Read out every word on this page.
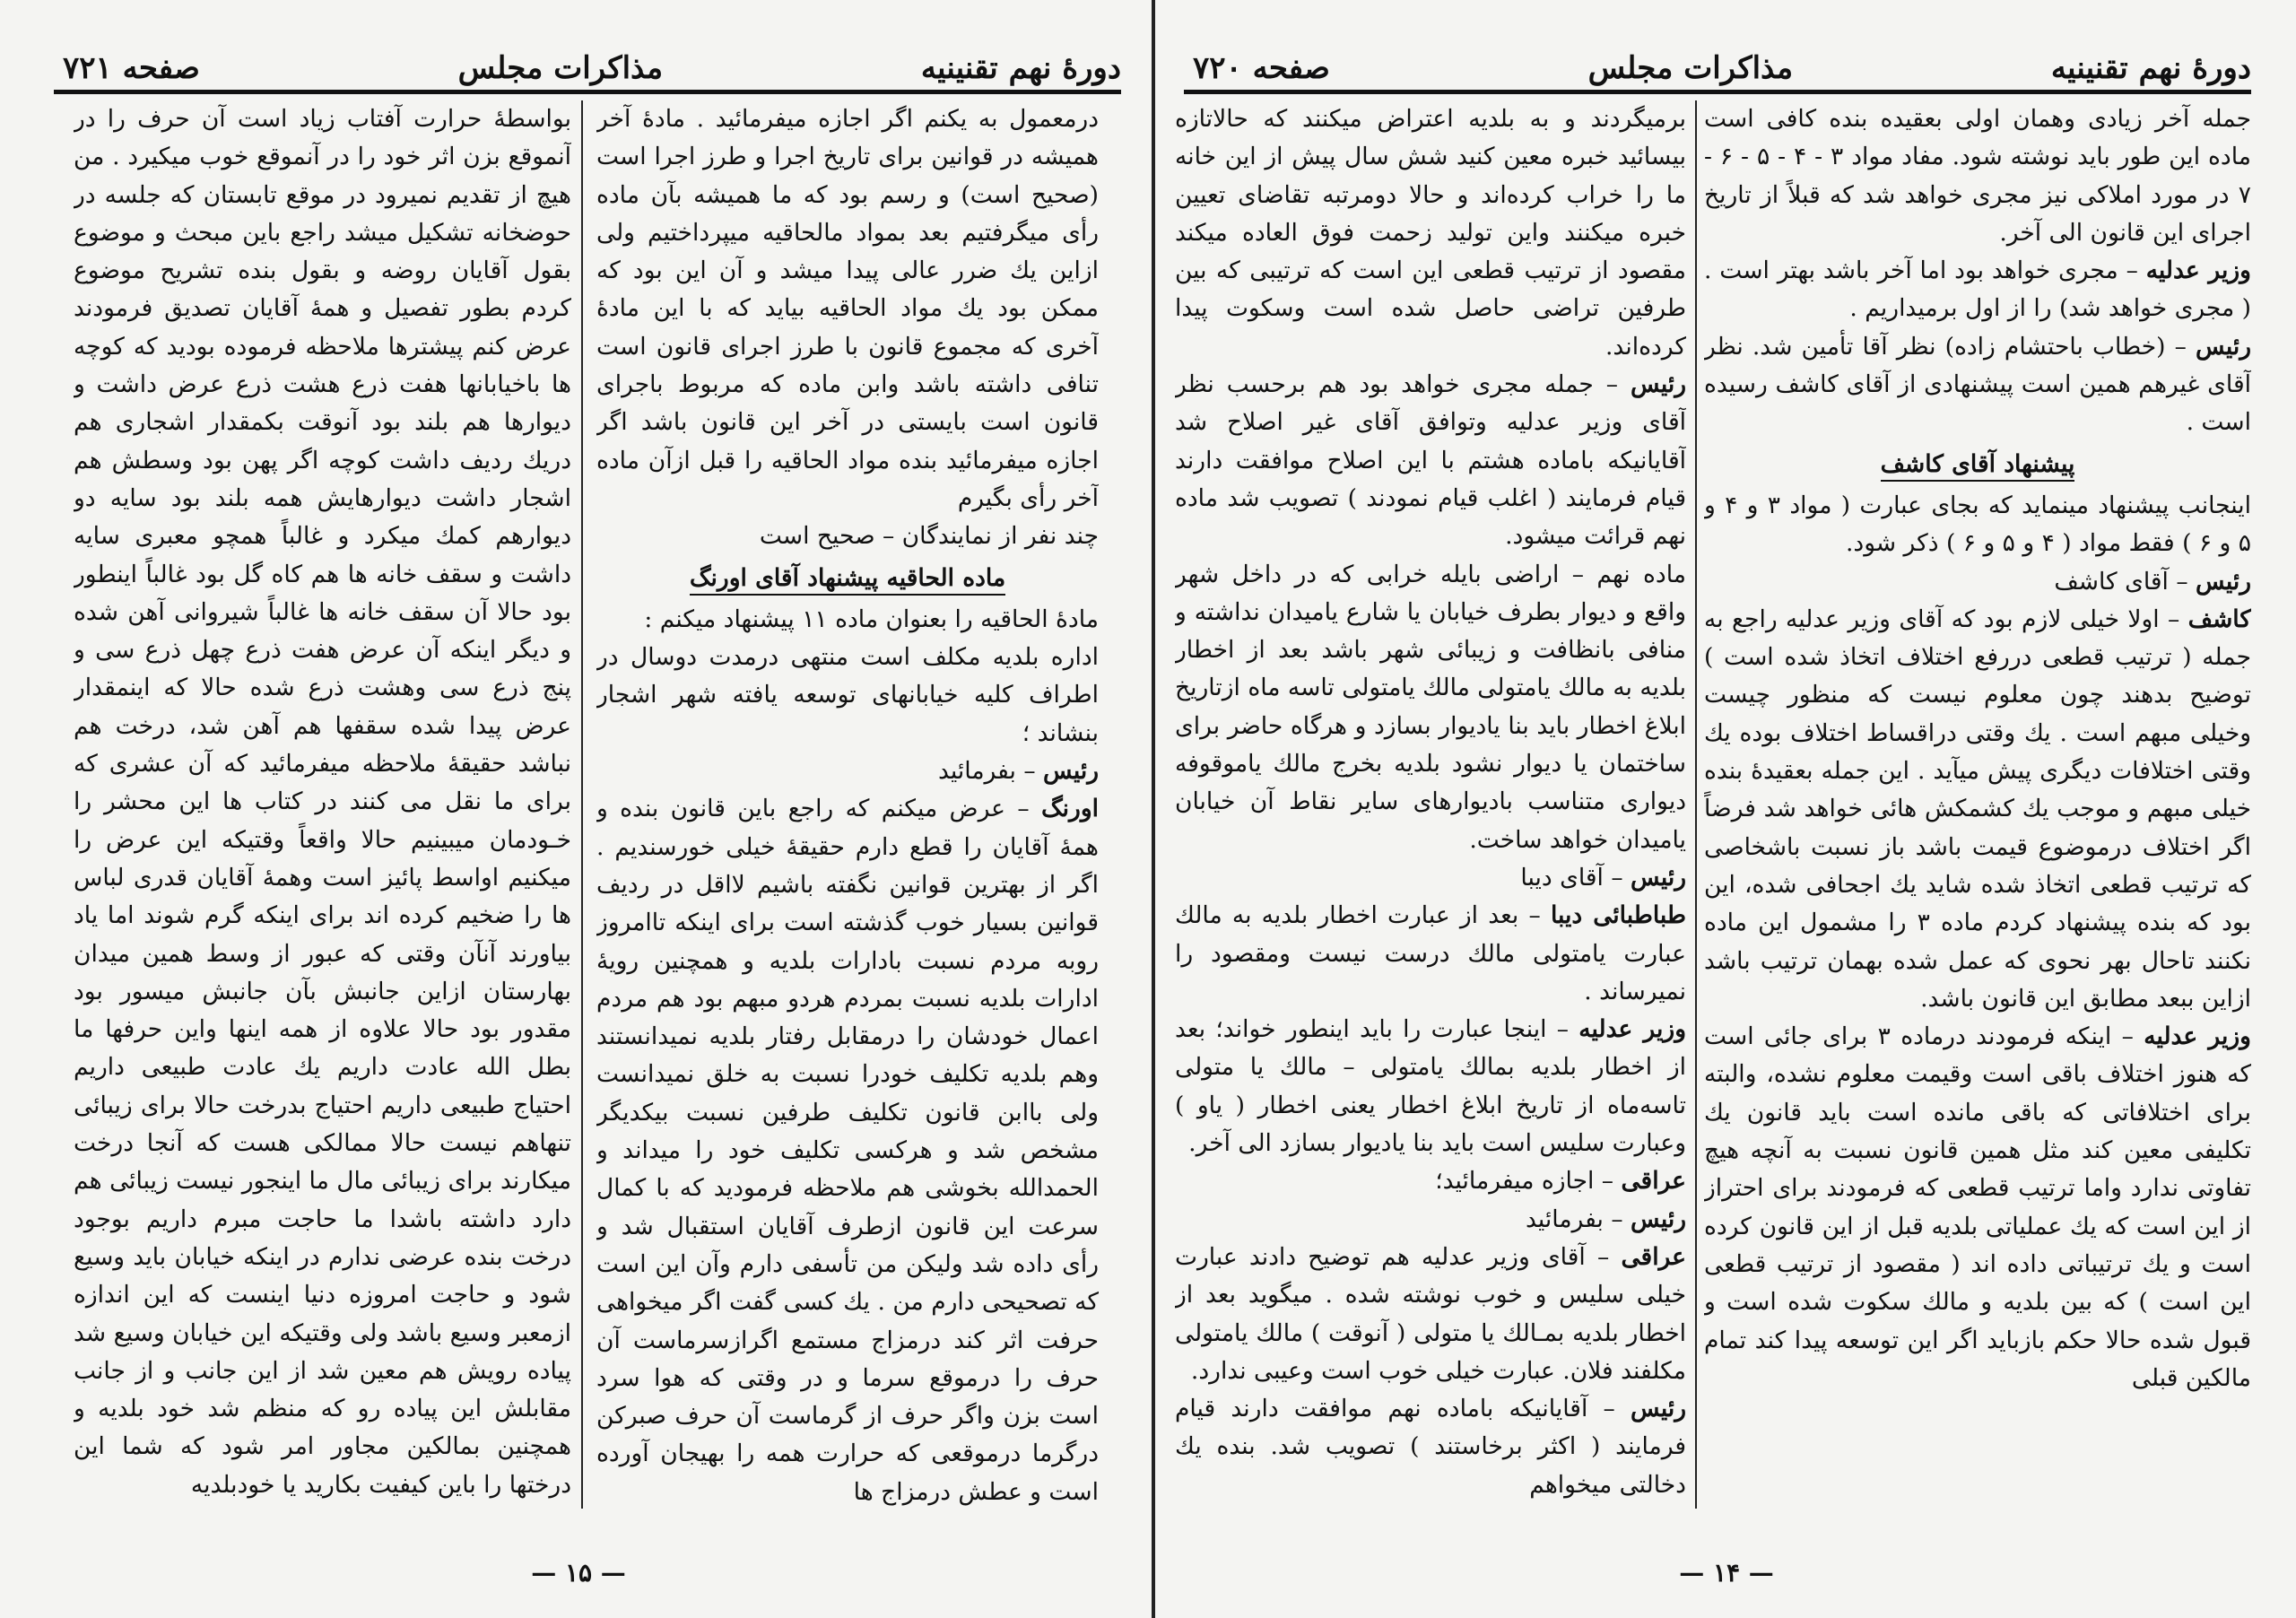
دورهٔ نهم تقنینیه
مذاکرات مجلس
صفحه ۷۲۱

درمعمول به یکنم اگر اجازه میفرمائید . مادهٔ آخر همیشه در قوانین برای تاریخ اجرا و طرز اجرا است (صحیح است) و رسم بود که ما همیشه بآن ماده رأی میگرفتیم بعد بمواد مالحاقیه میپرداختیم ولی ازاین یك ضرر عالی پیدا میشد و آن این بود که ممکن بود یك مواد الحاقیه بیاید که با این مادهٔ آخری که مجموع قانون با طرز اجرای قانون است تنافی داشته باشد وابن ماده که مربوط باجرای قانون است بایستی در آخر این قانون باشد اگر اجازه میفرمائید بنده مواد الحاقیه را قبل ازآن ماده آخر رأی بگیرم

چند نفر از نمایندگان – صحیح است

ماده الحاقیه پیشنهاد آقای اورنگ

مادهٔ الحاقیه را بعنوان ماده ۱۱ پیشنهاد میکنم :

اداره بلدیه مکلف است منتهی درمدت دوسال در اطراف کلیه خیابانهای توسعه یافته شهر اشجار بنشاند ؛

رئیس – بفرمائید

اورنگ – عرض میکنم که راجع باین قانون بنده و همهٔ آقایان را قطع دارم حقیقهٔ خیلی خورسندیم . اگر از بهترین قوانین نگفته باشیم لااقل در ردیف قوانین بسیار خوب گذشته است برای اینکه تاامروز روبه مردم نسبت بادارات بلدیه و همچنین رویهٔ ادارات بلدیه نسبت بمردم هردو مبهم بود هم مردم اعمال خودشان را درمقابل رفتار بلدیه نمیدانستند وهم بلدیه تکلیف خودرا نسبت به خلق نمیدانست ولی باابن قانون تکلیف طرفین نسبت بیکدیگر مشخص شد و هرکسی تکلیف خود را میداند و الحمدالله بخوشی هم ملاحظه فرمودید که با کمال سرعت این قانون ازطرف آقایان استقبال شد و رأی داده شد ولیکن من تأسفی دارم وآن این است که تصحیحی دارم من . یك کسی گفت اگر میخواهی حرفت اثر کند درمزاج مستمع اگرازسرماست آن حرف را درموقع سرما و در وقتی که هوا سرد است بزن واگر حرف از گرماست آن حرف صبرکن درگرما درموقعی که حرارت همه را بهیجان آورده است و عطش درمزاج ها

بواسطهٔ حرارت آفتاب زیاد است آن حرف را در آنموقع بزن اثر خود را در آنموقع خوب میکیرد . من هیچ از تقدیم نمیرود در موقع تابستان که جلسه در حوضخانه تشکیل میشد راجع باین مبحث و موضوع بقول آقایان روضه و بقول بنده تشریح موضوع کردم بطور تفصیل و همهٔ آقایان تصدیق فرمودند عرض کنم پیشترها ملاحظه فرموده بودید که کوچه ها باخیابانها هفت ذرع هشت ذرع عرض داشت و دیوارها هم بلند بود آنوقت بکمقدار اشجاری هم دریك ردیف داشت کوچه اگر پهن بود وسطش هم اشجار داشت دیوارهایش همه بلند بود سایه دو دیوارهم کمك میکرد و غالباً همچو معبری سایه داشت و سقف خانه ها هم کاه گل بود غالباً اینطور بود حالا آن سقف خانه ها غالباً شیروانی آهن شده و دیگر اینکه آن عرض هفت ذرع چهل ذرع سی و پنج ذرع سی وهشت ذرع شده حالا که اینمقدار عرض پیدا شده سقفها هم آهن شد، درخت هم نباشد حقیقهٔ ملاحظه میفرمائید که آن عشری که برای ما نقل می کنند در کتاب ها این محشر را خـودمان میبینیم حالا واقعاً وقتیکه این عرض را میکنیم اواسط پائیز است وهمهٔ آقایان قدری لباس ها را ضخیم کرده اند برای اینکه گرم شوند اما یاد بیاورند آنآن وقتی که عبور از وسط همین میدان بهارستان ازاین جانبش بآن جانبش میسور بود مقدور بود حالا علاوه از همه اینها واین حرفها ما بطل الله عادت داریم یك عادت طبیعی داریم احتیاج طبیعی داریم احتیاج بدرخت حالا برای زیبائی تنهاهم نیست حالا ممالکی هست که آنجا درخت میکارند برای زیبائی مال ما اینجور نیست زیبائی هم دارد داشته باشدا ما حاجت مبرم داریم بوجود درخت بنده عرضی ندارم در اینکه خیابان باید وسیع شود و حاجت امروزه دنیا اینست که این اندازه ازمعبر وسیع باشد ولی وقتیکه این خیابان وسیع شد پیاده رویش هم معین شد از این جانب و از جانب مقابلش این پیاده رو که منظم شد خود بلدیه و همچنین بمالکین مجاور امر شود که شما این درختها را باین کیفیت بکارید یا خودبلدیه

— ۱۵ —
دورهٔ نهم تقنینیه
مذاکرات مجلس
صفحه ۷۲۰

جمله آخر زیادی وهمان اولی بعقیده بنده کافی است ماده این طور باید نوشته شود. مفاد مواد ۳ - ۴ - ۵ - ۶ - ۷ در مورد املاکی نیز مجری خواهد شد که قبلاً از تاریخ اجرای این قانون الی آخر.

وزیر عدلیه – مجری خواهد بود اما آخر باشد بهتر است . ( مجری خواهد شد) را از اول برمیداریم .

رئیس – (خطاب باحتشام زاده) نظر آقا تأمین شد. نظر آقای غیرهم همین است پیشنهادی از آقای کاشف رسیده است .

پیشنهاد آقای کاشف

اینجانب پیشنهاد مینماید که بجای عبارت ( مواد ۳ و ۴ و ۵ و ۶ ) فقط مواد ( ۴ و ۵ و ۶ ) ذکر شود.

رئیس – آقای کاشف

کاشف – اولا خیلی لازم بود که آقای وزیر عدلیه راجع به جمله ( ترتیب قطعی دررفع اختلاف اتخاذ شده است ) توضیح بدهند چون معلوم نیست که منظور چیست وخیلی مبهم است . یك وقتی دراقساط اختلاف بوده یك وقتی اختلافات دیگری پیش میآید . این جمله بعقیدهٔ بنده خیلی مبهم و موجب یك کشمکش هائی خواهد شد فرضاً اگر اختلاف درموضوع قیمت باشد باز نسبت باشخاصی که ترتیب قطعی اتخاذ شده شاید یك اجحافی شده، این بود که بنده پیشنهاد کردم ماده ۳ را مشمول این ماده نکنند تاحال بهر نحوی که عمل شده بهمان ترتیب باشد ازاین ببعد مطابق این قانون باشد.

وزیر عدلیه – اینکه فرمودند درماده ۳ برای جائی است که هنوز اختلاف باقی است وقیمت معلوم نشده، والبته برای اختلافاتی که باقی مانده است باید قانون یك تکلیفی معین کند مثل همین قانون نسبت به آنچه هیچ تفاوتی ندارد واما ترتیب قطعی که فرمودند برای احتراز از این است که یك عملیاتی بلدیه قبل از این قانون کرده است و یك ترتیباتی داده اند ( مقصود از ترتیب قطعی این است ) که بین بلدیه و مالك سکوت شده است و قبول شده حالا حکم بازباید اگر این توسعه پیدا کند تمام مالکین قبلی

برمیگردند و به بلدیه اعتراض میکنند که حالاتازه بیسائید خبره معین کنید شش سال پیش از این خانه ما را خراب کرده‌اند و حالا دومرتبه تقاضای تعیین خبره میکنند واین تولید زحمت فوق العاده میکند مقصود از ترتیب قطعی این است که ترتیبی که بین طرفین تراضی حاصل شده است وسکوت پیدا کرده‌اند.

رئیس – جمله مجری خواهد بود هم برحسب نظر آقای وزیر عدلیه وتوافق آقای غیر اصلاح شد آقایانیکه باماده هشتم با این اصلاح موافقت دارند قیام فرمایند ( اغلب قیام نمودند ) تصویب شد ماده نهم قرائت میشود.

ماده نهم – اراضی بایله خرابی که در داخل شهر واقع و دیوار بطرف خیابان یا شارع یامیدان نداشته و منافی بانظافت و زیبائی شهر باشد بعد از اخطار بلدیه به مالك یامتولی مالك یامتولی تاسه ماه ازتاریخ ابلاغ اخطار باید بنا یادیوار بسازد و هرگاه حاضر برای ساختمان یا دیوار نشود بلدیه بخرج مالك یاموقوفه دیواری متناسب بادیوارهای سایر نقاط آن خیابان یامیدان خواهد ساخت.

رئیس – آقای دیبا

طباطبائی دیبا – بعد از عبارت اخطار بلدیه به مالك عبارت یامتولی مالك درست نیست ومقصود را نمیرساند .

وزیر عدلیه – اینجا عبارت را باید اینطور خواند؛ بعد از اخطار بلدیه بمالك یامتولی – مالك یا متولی تاسه‌ماه از تاریخ ابلاغ اخطار یعنی اخطار ( یاو ) وعبارت سلیس است باید بنا یادیوار بسازد الی آخر.

عراقی – اجازه میفرمائید؛

رئیس – بفرمائید

عراقی – آقای وزیر عدلیه هم توضیح دادند عبارت خیلی سلیس و خوب نوشته شده . میگوید بعد از اخطار بلدیه بمـالك یا متولی ( آنوقت ) مالك یامتولی مکلفند فلان. عبارت خیلی خوب است وعیبی ندارد.

رئیس – آقایانیکه باماده نهم موافقت دارند قیام فرمایند ( اکثر برخاستند ) تصویب شد. بنده یك دخالتی میخواهم

— ۱۴ —
